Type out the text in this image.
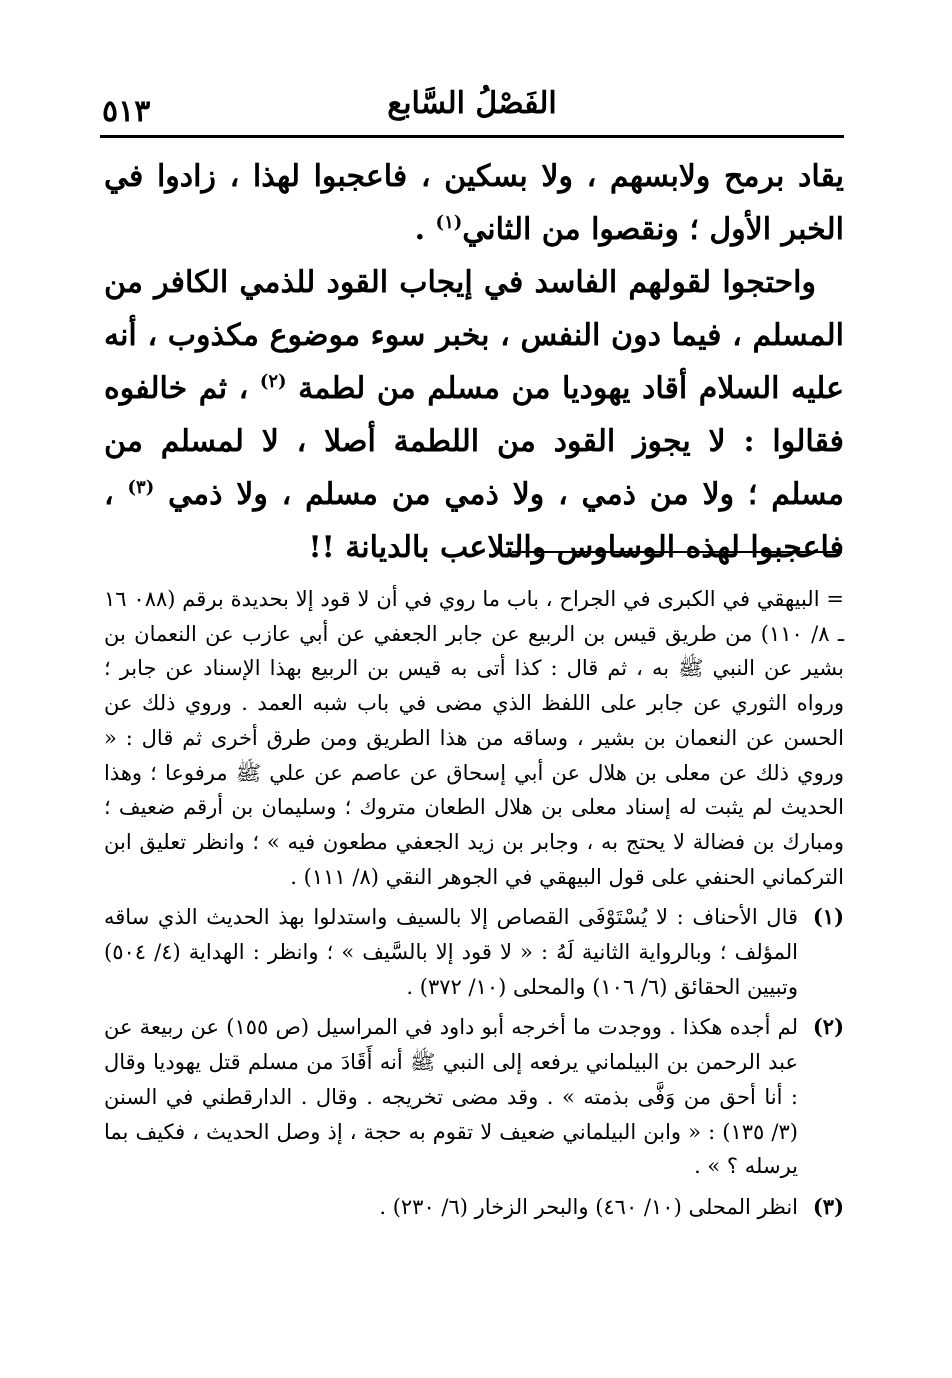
الفَصْلُ السَّابع
٥١٣

يقاد برمح ولابسهم ، ولا بسكين ، فاعجبوا لهذا ، زادوا في الخبر الأول ؛ ونقصوا من الثاني$^{(١)}$ .

واحتجوا لقولهم الفاسد في إيجاب القود للذمي الكافر من المسلم ، فيما دون النفس ، بخبر سوء موضوع مكذوب ، أنه عليه السلام أقاد يهوديا من مسلم من لطمة $^{(٢)}$ ، ثم خالفوه فقالوا : لا يجوز القود من اللطمة أصلا ، لا لمسلم من مسلم ؛ ولا من ذمي ، ولا ذمي من مسلم ، ولا ذمي $^{(٣)}$ ، فاعجبوا لهذه الوساوس والتلاعب بالديانة !!

= البيهقي في الكبرى في الجراح ، باب ما روي في أن لا قود إلا بحديدة برقم (٠٨٨ ١٦ ـ ٨/ ١١٠) من طريق قيس بن الربيع عن جابر الجعفي عن أبي عازب عن النعمان بن بشير عن النبي ﷺ به ، ثم قال : كذا أتى به قيس بن الربيع بهذا الإسناد عن جابر ؛ ورواه الثوري عن جابر على اللفظ الذي مضى في باب شبه العمد . وروي ذلك عن الحسن عن النعمان بن بشير ، وساقه من هذا الطريق ومن طرق أخرى ثم قال : « وروي ذلك عن معلى بن هلال عن أبي إسحاق عن عاصم عن علي ﷺ مرفوعا ؛ وهذا الحديث لم يثبت له إسناد معلى بن هلال الطعان متروك ؛ وسليمان بن أرقم ضعيف ؛ ومبارك بن فضالة لا يحتج به ، وجابر بن زيد الجعفي مطعون فيه » ؛ وانظر تعليق ابن التركماني الحنفي على قول البيهقي في الجوهر النقي (٨/ ١١١) .

(١)
قال الأحناف : لا يُسْتَوْفَى القصاص إلا بالسيف واستدلوا بهذ الحديث الذي ساقه المؤلف ؛ وبالرواية الثانية لَهُ : « لا قود إلا بالسَّيف » ؛ وانظر : الهداية (٤/ ٥٠٤) وتبيين الحقائق (٦/ ١٠٦) والمحلى (١٠/ ٣٧٢) .
(٢)
لم أجده هكذا . ووجدت ما أخرجه أبو داود في المراسيل (ص ١٥٥) عن ربيعة عن عبد الرحمن بن البيلماني يرفعه إلى النبي ﷺ أنه أَقَادَ من مسلم قتل يهوديا وقال : أنا أحق من وَفَّى بذمته » . وقد مضى تخريجه . وقال . الدارقطني في السنن (٣/ ١٣٥) : « وابن البيلماني ضعيف لا تقوم به حجة ، إذ وصل الحديث ، فكيف بما يرسله ؟ » .
(٣)
انظر المحلى (١٠/ ٤٦٠) والبحر الزخار (٦/ ٢٣٠) .
